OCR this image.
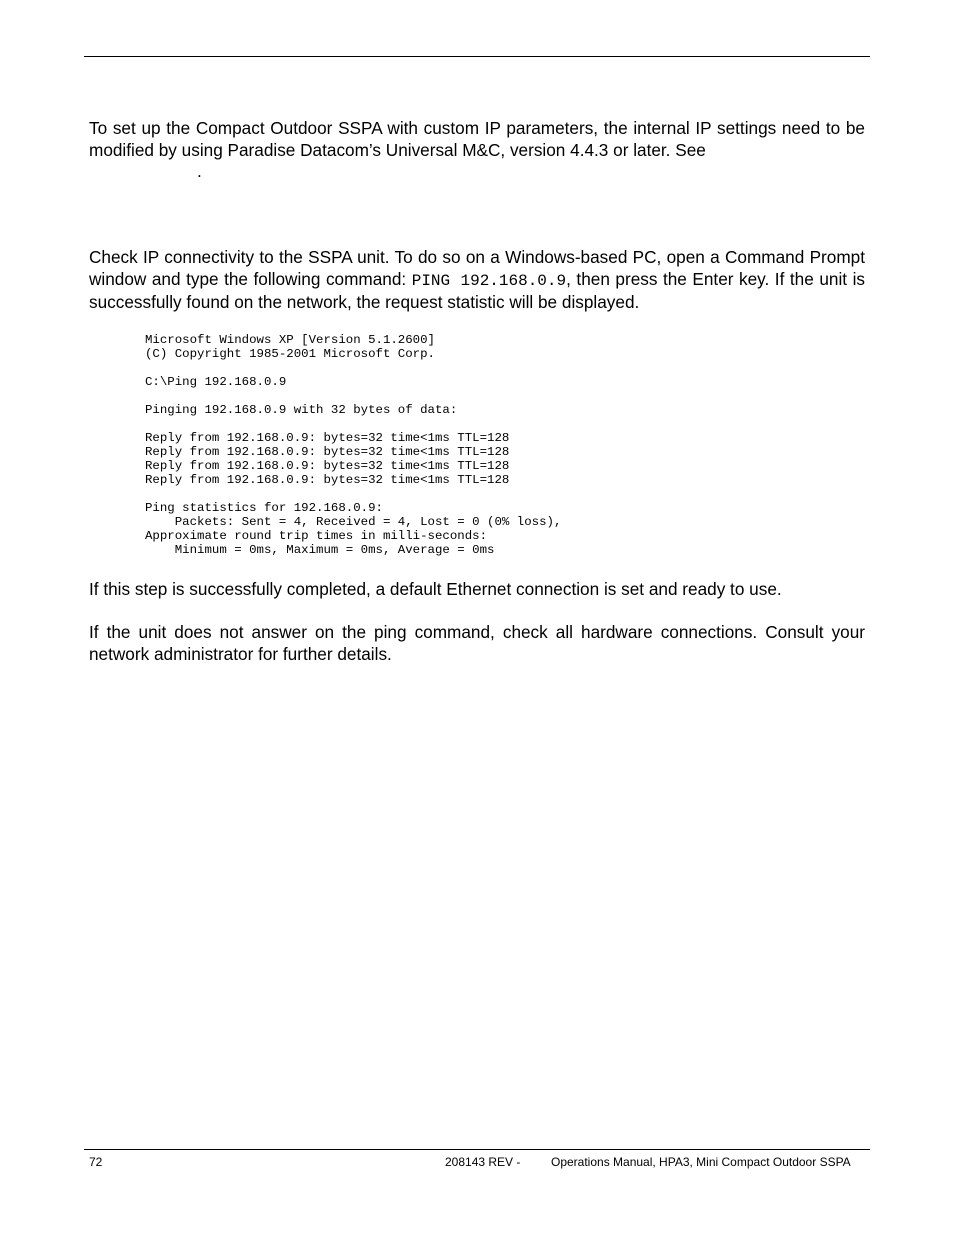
To set up the Compact Outdoor SSPA with custom IP parameters, the internal IP settings need to be modified by using Paradise Datacom’s Universal M&C, version 4.4.3 or later. See

.

Check IP connectivity to the SSPA unit. To do so on a Windows-based PC, open a Command Prompt window and type the following command: PING 192.168.0.9, then press the Enter key. If the unit is successfully found on the network, the request statistic will be displayed.

Microsoft Windows XP [Version 5.1.2600]
(C) Copyright 1985-2001 Microsoft Corp.
C:\Ping 192.168.0.9
Pinging 192.168.0.9 with 32 bytes of data:
Reply from 192.168.0.9: bytes=32 time<1ms TTL=128
Reply from 192.168.0.9: bytes=32 time<1ms TTL=128
Reply from 192.168.0.9: bytes=32 time<1ms TTL=128
Reply from 192.168.0.9: bytes=32 time<1ms TTL=128
Ping statistics for 192.168.0.9:
Packets: Sent = 4, Received = 4, Lost = 0 (0% loss),
Approximate round trip times in milli-seconds:
Minimum = 0ms, Maximum = 0ms, Average = 0ms

If this step is successfully completed, a default Ethernet connection is set and ready to use.

If the unit does not answer on the ping command, check all hardware connections. Consult your network administrator for further details.

72	208143 REV -	Operations Manual, HPA3, Mini Compact Outdoor SSPA
